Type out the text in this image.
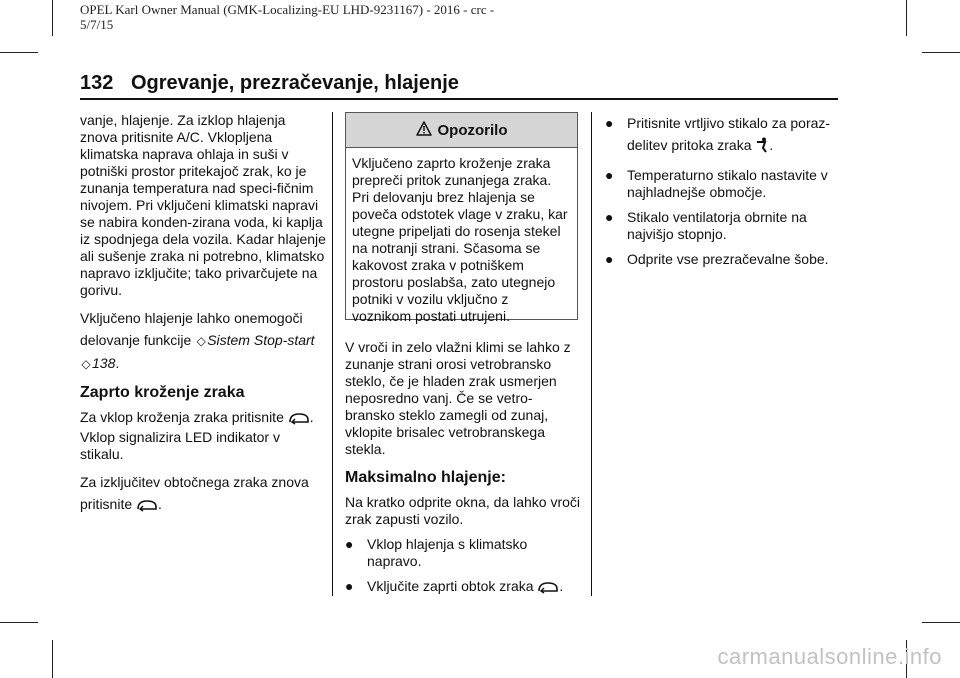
OPEL Karl Owner Manual (GMK-Localizing-EU LHD-9231167) - 2016 - crc -
5/7/15
132 Ogrevanje, prezračevanje, hlajenje

vanje, hlajenje. Za izklop hlajenja znova pritisnite A/C. Vklopljena klimatska naprava ohlaja in suši v potniški prostor pritekajoč zrak, ko je zunanja temperatura nad speci-fičnim nivojem. Pri vključeni klimatski napravi se nabira konden-zirana voda, ki kaplja iz spodnjega dela vozila. Kadar hlajenje ali sušenje zraka ni potrebno, klimatsko napravo izklјučite; tako privarčujete na gorivu.

Vključeno hlajenje lahko onemogoči delovanje funkcije ◇Sistem Stop-start ◇138.

Zaprto kroženje zraka

Za vklop kroženja zraka pritisnite . Vklop signalizira LED indikator v stikalu.

Za izključitev obtočnega zraka znova pritisnite .

Opozorilo
Vključeno zaprto kroženje zraka prepreči pritok zunanjega zraka. Pri delovanju brez hlajenja se poveča odstotek vlage v zraku, kar utegne pripeljati do rosenja stekel na notranji strani. Sčasoma se kakovost zraka v potniškem prostoru poslabša, zato utegnejo potniki v vozilu vključno z voznikom postati utrujeni.

V vroči in zelo vlažni klimi se lahko z zunanje strani orosi vetrobransko steklo, če je hladen zrak usmerjen neposredno vanj. Če se vetro-bransko steklo zamegli od zunaj, vklopite brisalec vetrobranskega stekla.

Maksimalno hlajenje:

Na kratko odprite okna, da lahko vroči zrak zapusti vozilo.

● Vklop hlajenja s klimatsko napravo.
● Vključite zaprti obtok zraka .
● Pritisnite vrtljivo stikalo za poraz-delitev pritoka zraka .
● Temperaturno stikalo nastavite v najhladnejše območje.
● Stikalo ventilatorja obrnite na najvišjo stopnjo.
● Odprite vse prezračevalne šobe.
carmanualsonline.info
